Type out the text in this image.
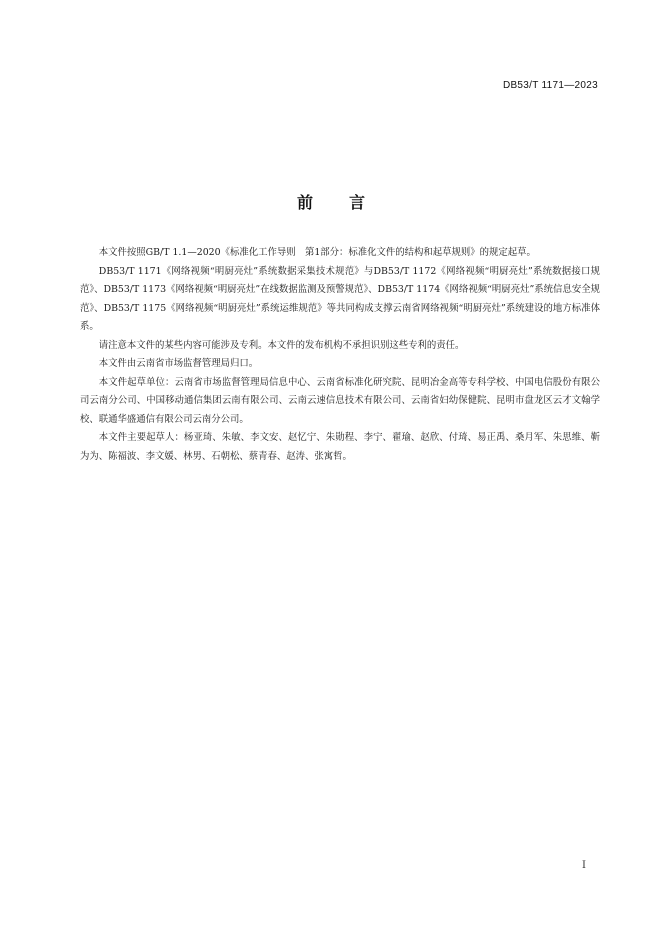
DB53/T 1171—2023
前 言

本文件按照GB/T 1.1—2020《标准化工作导则　第1部分：标准化文件的结构和起草规则》的规定起草。

DB53/T 1171《网络视频“明厨亮灶”系统数据采集技术规范》与DB53/T 1172《网络视频“明厨亮灶”系统数据接口规范》、DB53/T 1173《网络视频“明厨亮灶”在线数据监测及预警规范》、DB53/T 1174《网络视频“明厨亮灶”系统信息安全规范》、DB53/T 1175《网络视频“明厨亮灶”系统运维规范》等共同构成支撑云南省网络视频“明厨亮灶”系统建设的地方标准体系。

请注意本文件的某些内容可能涉及专利。本文件的发布机构不承担识别这些专利的责任。

本文件由云南省市场监督管理局归口。

本文件起草单位：云南省市场监督管理局信息中心、云南省标准化研究院、昆明冶金高等专科学校、中国电信股份有限公司云南分公司、中国移动通信集团云南有限公司、云南云速信息技术有限公司、云南省妇幼保健院、昆明市盘龙区云才文翰学校、联通华盛通信有限公司云南分公司。

本文件主要起草人：杨亚琦、朱敏、李文安、赵忆宁、朱勋程、李宁、翟瑜、赵欣、付琦、易正禹、桑月军、朱思维、靳为为、陈福波、李文媛、林男、石朝松、蔡青春、赵涛、张寓哲。

I
